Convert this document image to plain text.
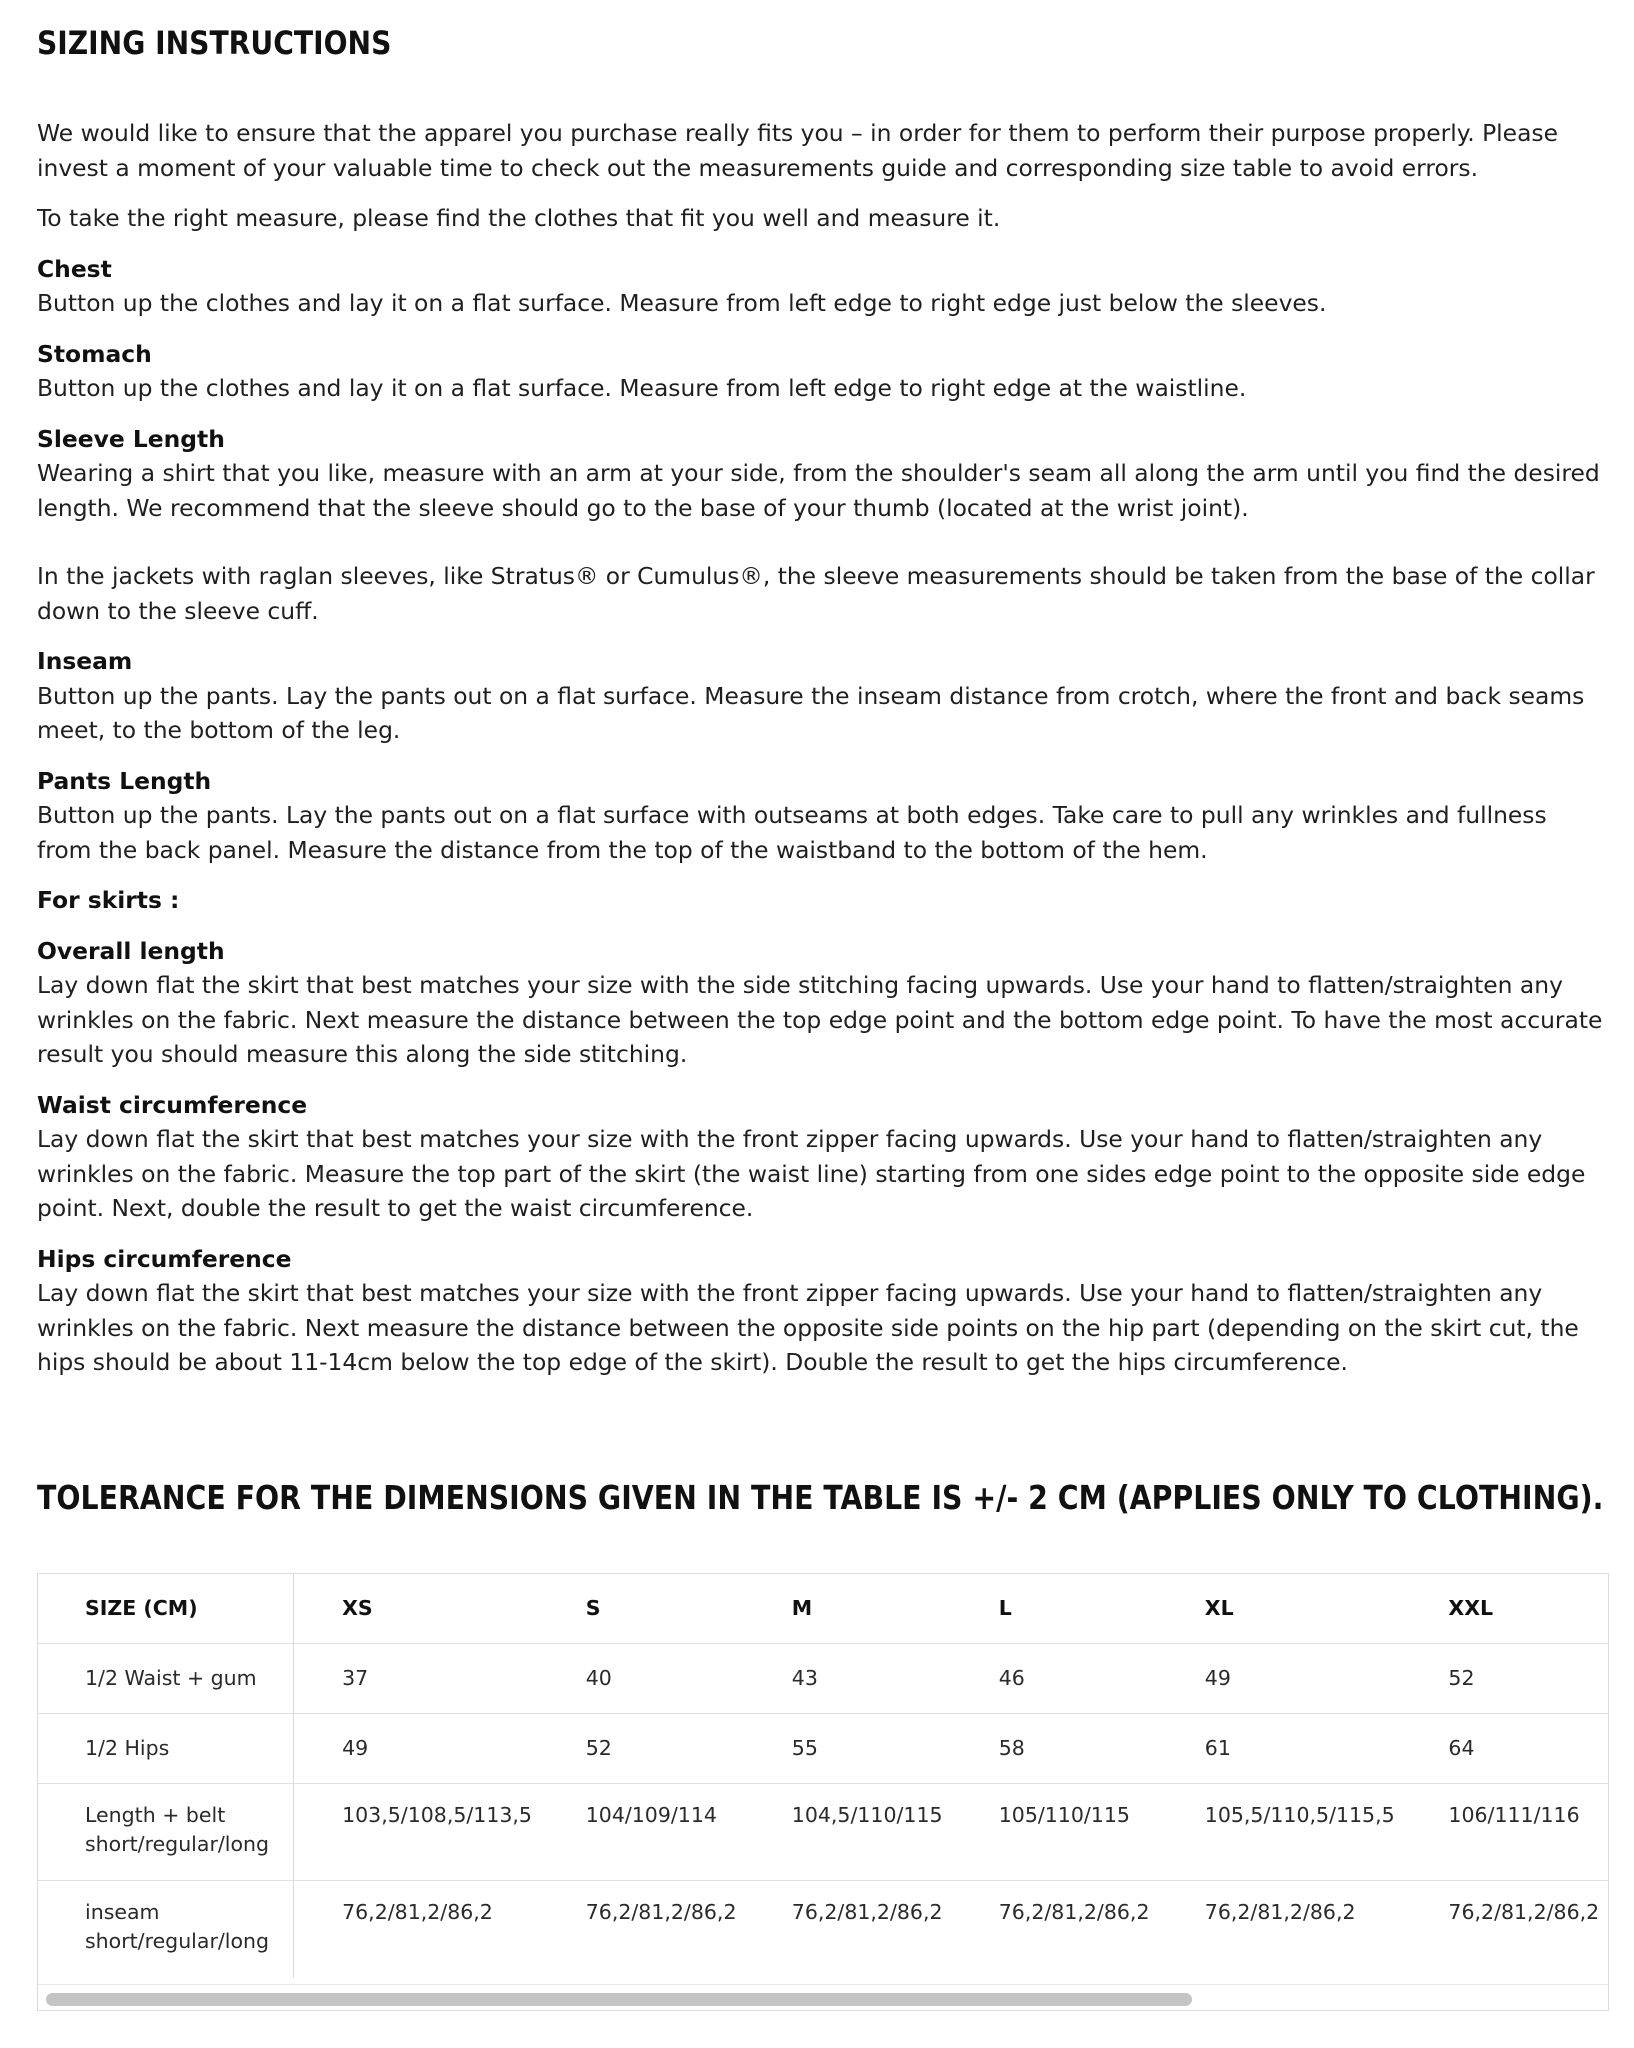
SIZING INSTRUCTIONS

We would like to ensure that the apparel you purchase really fits you – in order for them to perform their purpose properly. Please invest a moment of your valuable time to check out the measurements guide and corresponding size table to avoid errors.

To take the right measure, please find the clothes that fit you well and measure it.

Chest
Button up the clothes and lay it on a flat surface. Measure from left edge to right edge just below the sleeves.

Stomach
Button up the clothes and lay it on a flat surface. Measure from left edge to right edge at the waistline.

Sleeve Length
Wearing a shirt that you like, measure with an arm at your side, from the shoulder's seam all along the arm until you find the desired length. We recommend that the sleeve should go to the base of your thumb (located at the wrist joint).

In the jackets with raglan sleeves, like Stratus® or Cumulus®, the sleeve measurements should be taken from the base of the collar down to the sleeve cuff.

Inseam
Button up the pants. Lay the pants out on a flat surface. Measure the inseam distance from crotch, where the front and back seams meet, to the bottom of the leg.

Pants Length
Button up the pants. Lay the pants out on a flat surface with outseams at both edges. Take care to pull any wrinkles and fullness from the back panel. Measure the distance from the top of the waistband to the bottom of the hem.

For skirts :

Overall length
Lay down flat the skirt that best matches your size with the side stitching facing upwards. Use your hand to flatten/straighten any wrinkles on the fabric. Next measure the distance between the top edge point and the bottom edge point. To have the most accurate result you should measure this along the side stitching.

Waist circumference
Lay down flat the skirt that best matches your size with the front zipper facing upwards. Use your hand to flatten/straighten any wrinkles on the fabric. Measure the top part of the skirt (the waist line) starting from one sides edge point to the opposite side edge point. Next, double the result to get the waist circumference.

Hips circumference
Lay down flat the skirt that best matches your size with the front zipper facing upwards. Use your hand to flatten/straighten any wrinkles on the fabric. Next measure the distance between the opposite side points on the hip part (depending on the skirt cut, the hips should be about 11-14cm below the top edge of the skirt). Double the result to get the hips circumference.

TOLERANCE FOR THE DIMENSIONS GIVEN IN THE TABLE IS +/- 2 CM (APPLIES ONLY TO CLOTHING).
SIZE (CM)	XS	S	M	L	XL	XXL
1/2 Waist + gum	37	40	43	46	49	52
1/2 Hips	49	52	55	58	61	64

Length + belt
short/regular/long	103,5/108,5/113,5	104/109/114	104,5/110/115	105/110/115	105,5/110,5/115,5	106/111/116

inseam
short/regular/long	76,2/81,2/86,2	76,2/81,2/86,2	76,2/81,2/86,2	76,2/81,2/86,2	76,2/81,2/86,2	76,2/81,2/86,2
